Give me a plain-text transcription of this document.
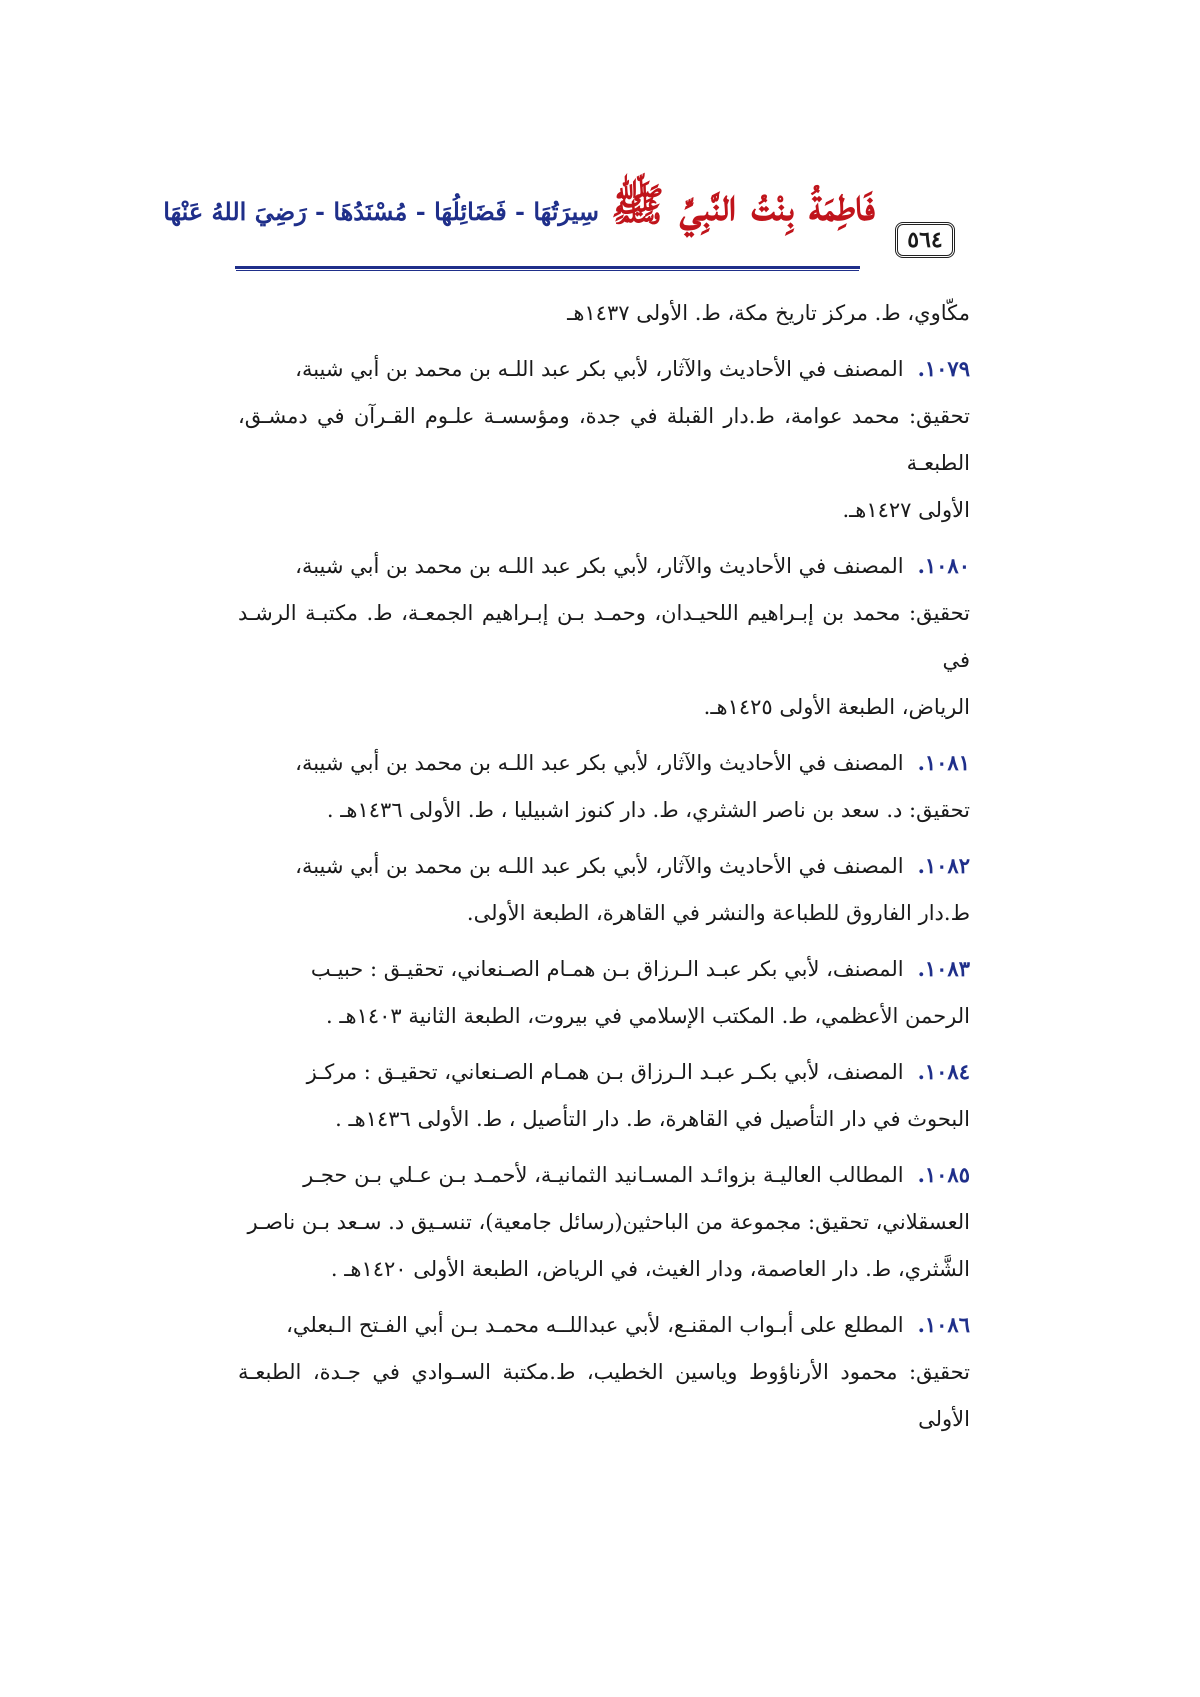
فَاطِمَةُ بِنْتُ النَّبِيِّ ﷺ
سِيرَتُهَا - فَضَائِلُهَا - مُسْنَدُهَا - رَضِيَ اللهُ عَنْهَا
٥٦٤

مكّاوي، ط. مركز تاريخ مكة، ط. الأولى ١٤٣٧هـ

١٠٧٩.المصنف في الأحاديث والآثار، لأبي بكر عبد اللـه بن محمد بن أبي شيبة،

تحقيق: محمد عوامة، ط.دار القبلة في جدة، ومؤسسـة علـوم القـرآن في دمشـق، الطبعـة

الأولى ١٤٢٧هـ.

١٠٨٠.المصنف في الأحاديث والآثار، لأبي بكر عبد اللـه بن محمد بن أبي شيبة،

تحقيق: محمد بن إبـراهيم اللحيـدان، وحمـد بـن إبـراهيم الجمعـة، ط. مكتبـة الرشـد في

الرياض، الطبعة الأولى ١٤٢٥هـ.

١٠٨١.المصنف في الأحاديث والآثار، لأبي بكر عبد اللـه بن محمد بن أبي شيبة،

تحقيق: د. سعد بن ناصر الشثري، ط. دار كنوز اشبيليا ، ط. الأولى ١٤٣٦هـ .

١٠٨٢.المصنف في الأحاديث والآثار، لأبي بكر عبد اللـه بن محمد بن أبي شيبة،

ط.دار الفاروق للطباعة والنشر في القاهرة، الطبعة الأولى.

١٠٨٣.المصنف، لأبي بكر عبـد الـرزاق بـن همـام الصـنعاني، تحقيـق : حبيـب

الرحمن الأعظمي، ط. المكتب الإسلامي في بيروت، الطبعة الثانية ١٤٠٣هـ .

١٠٨٤.المصنف، لأبي بكـر عبـد الـرزاق بـن همـام الصـنعاني، تحقيـق : مركـز

البحوث في دار التأصيل في القاهرة، ط. دار التأصيل ، ط. الأولى ١٤٣٦هـ .

١٠٨٥.المطالب العاليـة بزوائـد المسـانيد الثمانيـة، لأحمـد بـن عـلي بـن حجـر

العسقلاني، تحقيق: مجموعة من الباحثين(رسائل جامعية)، تنسـيق د. سـعد بـن ناصـر

الشَّثري، ط. دار العاصمة، ودار الغيث، في الرياض، الطبعة الأولى ١٤٢٠هـ .

١٠٨٦.المطلع على أبـواب المقنـع، لأبي عبداللــه محمـد بـن أبي الفـتح الـبعلي،

تحقيق: محمود الأرناؤوط وياسين الخطيب، ط.مكتبة السـوادي في جـدة، الطبعـة الأولى
